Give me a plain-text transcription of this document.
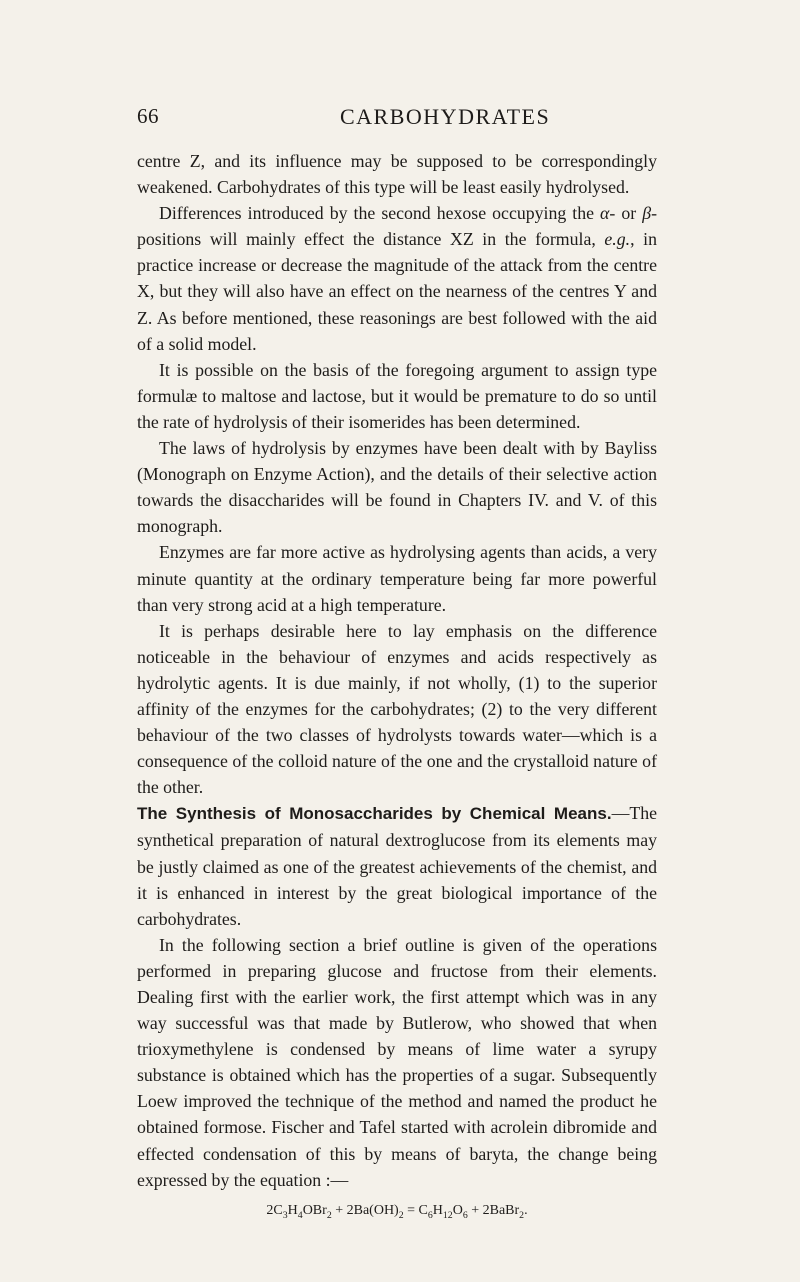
66	CARBOHYDRATES

centre Z, and its influence may be supposed to be correspondingly weakened. Carbohydrates of this type will be least easily hydrolysed.

Differences introduced by the second hexose occupying the α- or β- positions will mainly effect the distance XZ in the formula, e.g., in practice increase or decrease the magnitude of the attack from the centre X, but they will also have an effect on the nearness of the centres Y and Z. As before mentioned, these reasonings are best followed with the aid of a solid model.

It is possible on the basis of the foregoing argument to assign type formulæ to maltose and lactose, but it would be premature to do so until the rate of hydrolysis of their isomerides has been determined.

The laws of hydrolysis by enzymes have been dealt with by Bayliss (Monograph on Enzyme Action), and the details of their selective action towards the disaccharides will be found in Chapters IV. and V. of this monograph.

Enzymes are far more active as hydrolysing agents than acids, a very minute quantity at the ordinary temperature being far more powerful than very strong acid at a high temperature.

It is perhaps desirable here to lay emphasis on the difference noticeable in the behaviour of enzymes and acids respectively as hydrolytic agents. It is due mainly, if not wholly, (1) to the superior affinity of the enzymes for the carbohydrates; (2) to the very different behaviour of the two classes of hydrolysts towards water—which is a consequence of the colloid nature of the one and the crystalloid nature of the other.

The Synthesis of Monosaccharides by Chemical Means.—The synthetical preparation of natural dextroglucose from its elements may be justly claimed as one of the greatest achievements of the chemist, and it is enhanced in interest by the great biological importance of the carbohydrates.

In the following section a brief outline is given of the operations performed in preparing glucose and fructose from their elements. Dealing first with the earlier work, the first attempt which was in any way successful was that made by Butlerow, who showed that when trioxymethylene is condensed by means of lime water a syrupy substance is obtained which has the properties of a sugar. Subsequently Loew improved the technique of the method and named the product he obtained formose. Fischer and Tafel started with acrolein dibromide and effected condensation of this by means of baryta, the change being expressed by the equation :—

$2C_3H_4OBr_2 + 2Ba(OH)_2 = C_6H_{12}O_6$ + 2BaBr$_2$.
